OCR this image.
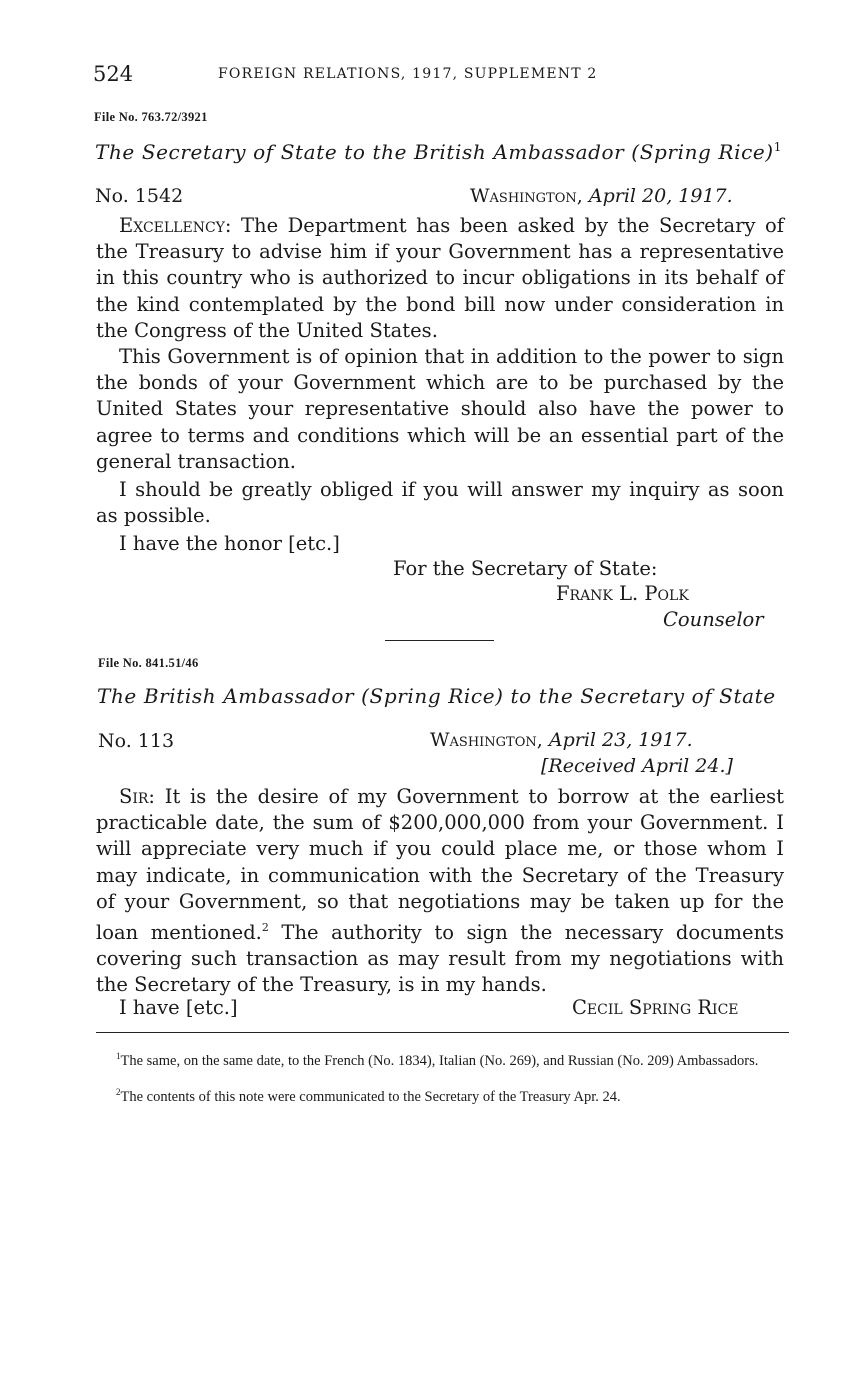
524	FOREIGN RELATIONS, 1917, SUPPLEMENT 2
File No. 763.72/3921
The Secretary of State to the British Ambassador (Spring Rice)$^1$
No. 1542	Washington, April 20, 1917.

Excellency: The Department has been asked by the Secretary of the Treasury to advise him if your Government has a representative in this country who is authorized to incur obligations in its behalf of the kind contemplated by the bond bill now under consideration in the Congress of the United States.

This Government is of opinion that in addition to the power to sign the bonds of your Government which are to be purchased by the United States your representative should also have the power to agree to terms and conditions which will be an essential part of the general transaction.

I should be greatly obliged if you will answer my inquiry as soon as possible.

I have the honor [etc.]
For the Secretary of State:
Frank L. Polk
Counselor
File No. 841.51/46
The British Ambassador (Spring Rice) to the Secretary of State
No. 113	Washington, April 23, 1917.
[Received April 24.]

Sir: It is the desire of my Government to borrow at the earliest practicable date, the sum of $200,000,000 from your Government. I will appreciate very much if you could place me, or those whom I may indicate, in communication with the Secretary of the Treasury of your Government, so that negotiations may be taken up for the loan mentioned.$^2$ The authority to sign the necessary documents covering such transaction as may result from my negotiations with the Secretary of the Treasury, is in my hands.

I have [etc.]	Cecil Spring Rice

$^1$The same, on the same date, to the French (No. 1834), Italian (No. 269), and Russian (No. 209) Ambassadors.

$^2$The contents of this note were communicated to the Secretary of the Treasury Apr. 24.
